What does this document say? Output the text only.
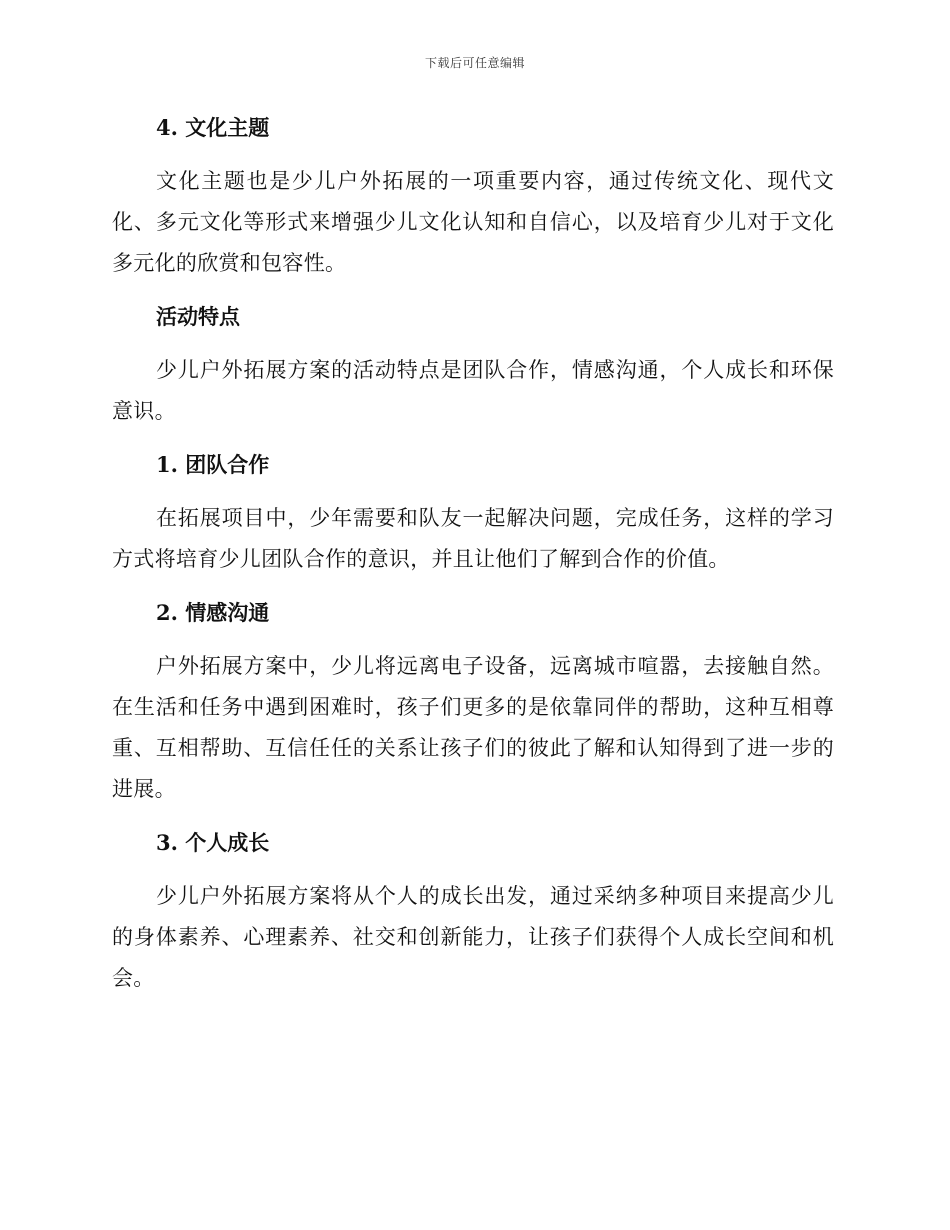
下载后可任意编辑
4. 文化主题

文化主题也是少儿户外拓展的一项重要内容，通过传统文化、现代文化、多元文化等形式来增强少儿文化认知和自信心，以及培育少儿对于文化多元化的欣赏和包容性。

活动特点

少儿户外拓展方案的活动特点是团队合作，情感沟通，个人成长和环保意识。

1. 团队合作

在拓展项目中，少年需要和队友一起解决问题，完成任务，这样的学习方式将培育少儿团队合作的意识，并且让他们了解到合作的价值。

2. 情感沟通

户外拓展方案中，少儿将远离电子设备，远离城市喧嚣，去接触自然。在生活和任务中遇到困难时，孩子们更多的是依靠同伴的帮助，这种互相尊重、互相帮助、互信任任的关系让孩子们的彼此了解和认知得到了进一步的进展。

3. 个人成长

少儿户外拓展方案将从个人的成长出发，通过采纳多种项目来提高少儿的身体素养、心理素养、社交和创新能力，让孩子们获得个人成长空间和机会。
